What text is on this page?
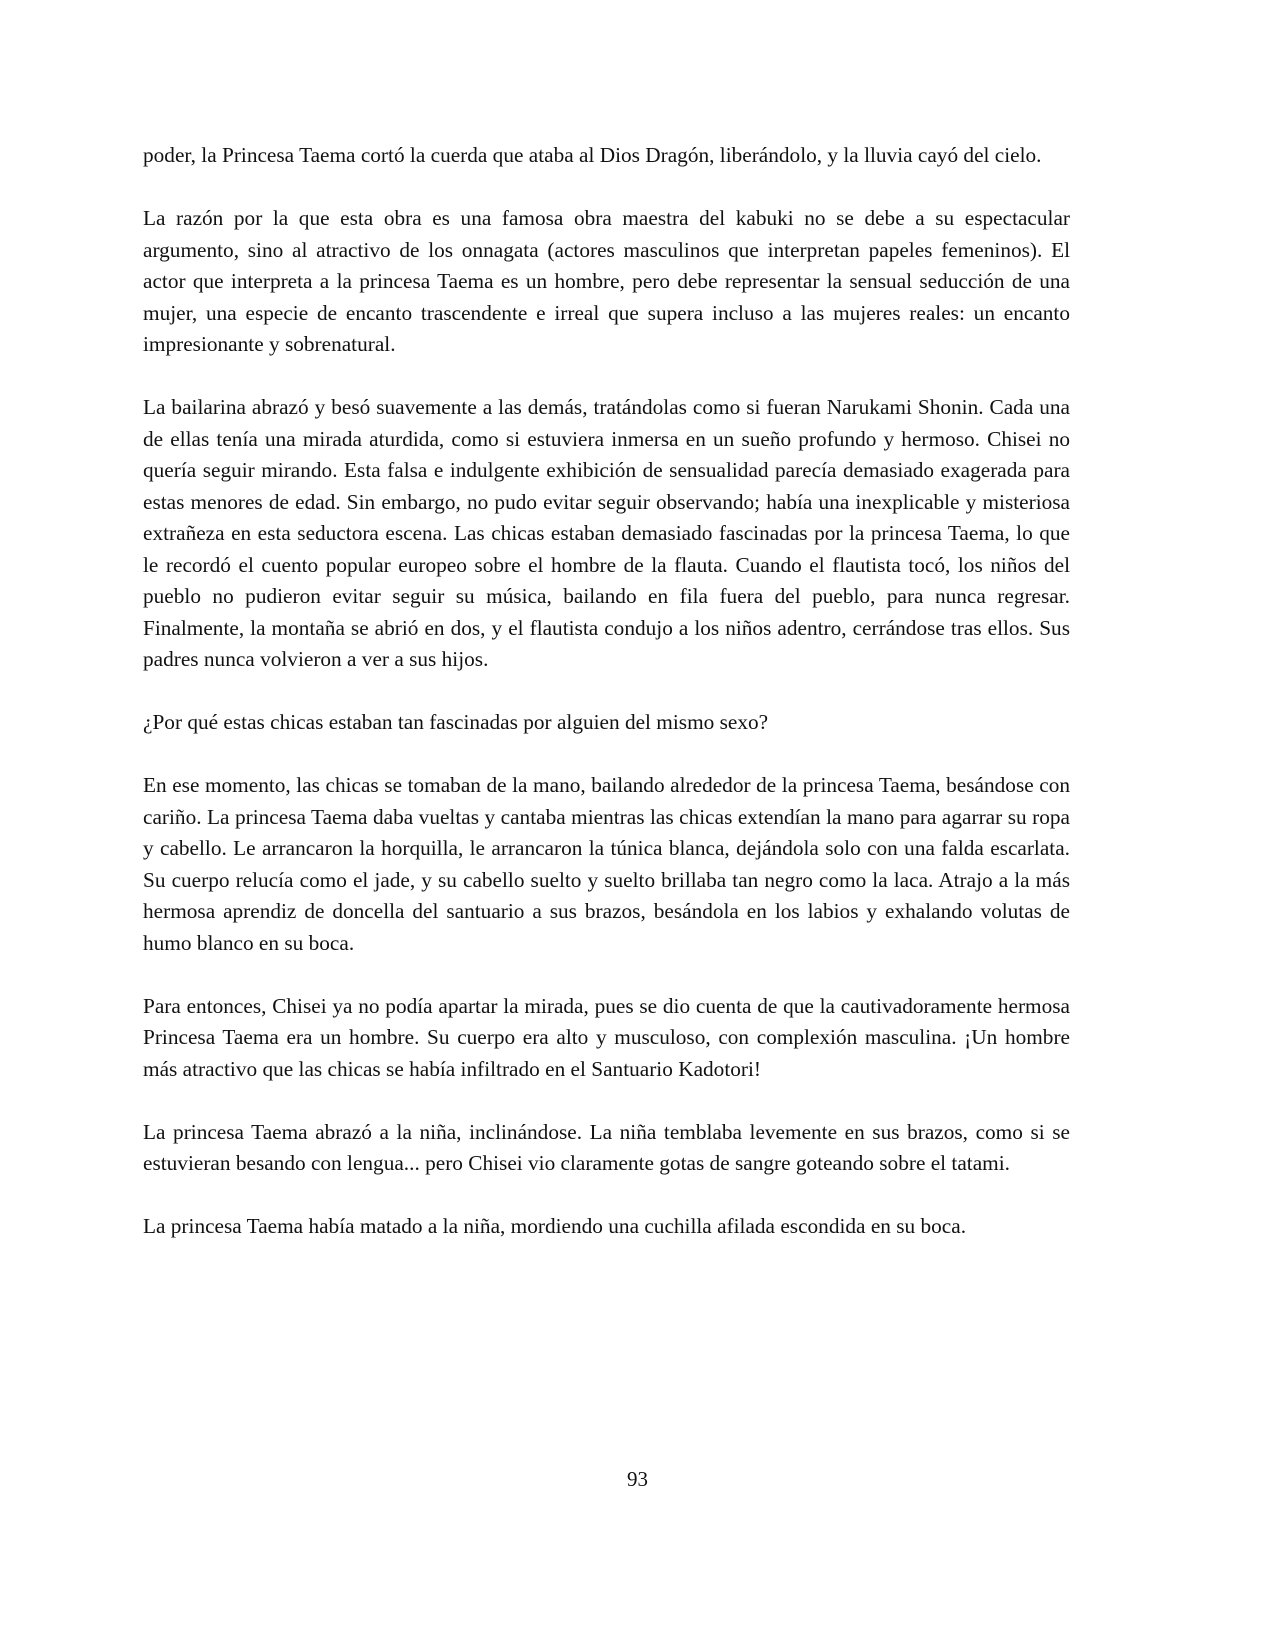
poder, la Princesa Taema cortó la cuerda que ataba al Dios Dragón, liberándolo, y la lluvia cayó del cielo.

La razón por la que esta obra es una famosa obra maestra del kabuki no se debe a su espectacular argumento, sino al atractivo de los onnagata (actores masculinos que interpretan papeles femeninos). El actor que interpreta a la princesa Taema es un hombre, pero debe representar la sensual seducción de una mujer, una especie de encanto trascendente e irreal que supera incluso a las mujeres reales: un encanto impresionante y sobrenatural.

La bailarina abrazó y besó suavemente a las demás, tratándolas como si fueran Narukami Shonin. Cada una de ellas tenía una mirada aturdida, como si estuviera inmersa en un sueño profundo y hermoso. Chisei no quería seguir mirando. Esta falsa e indulgente exhibición de sensualidad parecía demasiado exagerada para estas menores de edad. Sin embargo, no pudo evitar seguir observando; había una inexplicable y misteriosa extrañeza en esta seductora escena. Las chicas estaban demasiado fascinadas por la princesa Taema, lo que le recordó el cuento popular europeo sobre el hombre de la flauta. Cuando el flautista tocó, los niños del pueblo no pudieron evitar seguir su música, bailando en fila fuera del pueblo, para nunca regresar. Finalmente, la montaña se abrió en dos, y el flautista condujo a los niños adentro, cerrándose tras ellos. Sus padres nunca volvieron a ver a sus hijos.

¿Por qué estas chicas estaban tan fascinadas por alguien del mismo sexo?

En ese momento, las chicas se tomaban de la mano, bailando alrededor de la princesa Taema, besándose con cariño. La princesa Taema daba vueltas y cantaba mientras las chicas extendían la mano para agarrar su ropa y cabello. Le arrancaron la horquilla, le arrancaron la túnica blanca, dejándola solo con una falda escarlata. Su cuerpo relucía como el jade, y su cabello suelto y suelto brillaba tan negro como la laca. Atrajo a la más hermosa aprendiz de doncella del santuario a sus brazos, besándola en los labios y exhalando volutas de humo blanco en su boca.

Para entonces, Chisei ya no podía apartar la mirada, pues se dio cuenta de que la cautivadoramente hermosa Princesa Taema era un hombre. Su cuerpo era alto y musculoso, con complexión masculina. ¡Un hombre más atractivo que las chicas se había infiltrado en el Santuario Kadotori!

La princesa Taema abrazó a la niña, inclinándose. La niña temblaba levemente en sus brazos, como si se estuvieran besando con lengua... pero Chisei vio claramente gotas de sangre goteando sobre el tatami.

La princesa Taema había matado a la niña, mordiendo una cuchilla afilada escondida en su boca.

93
